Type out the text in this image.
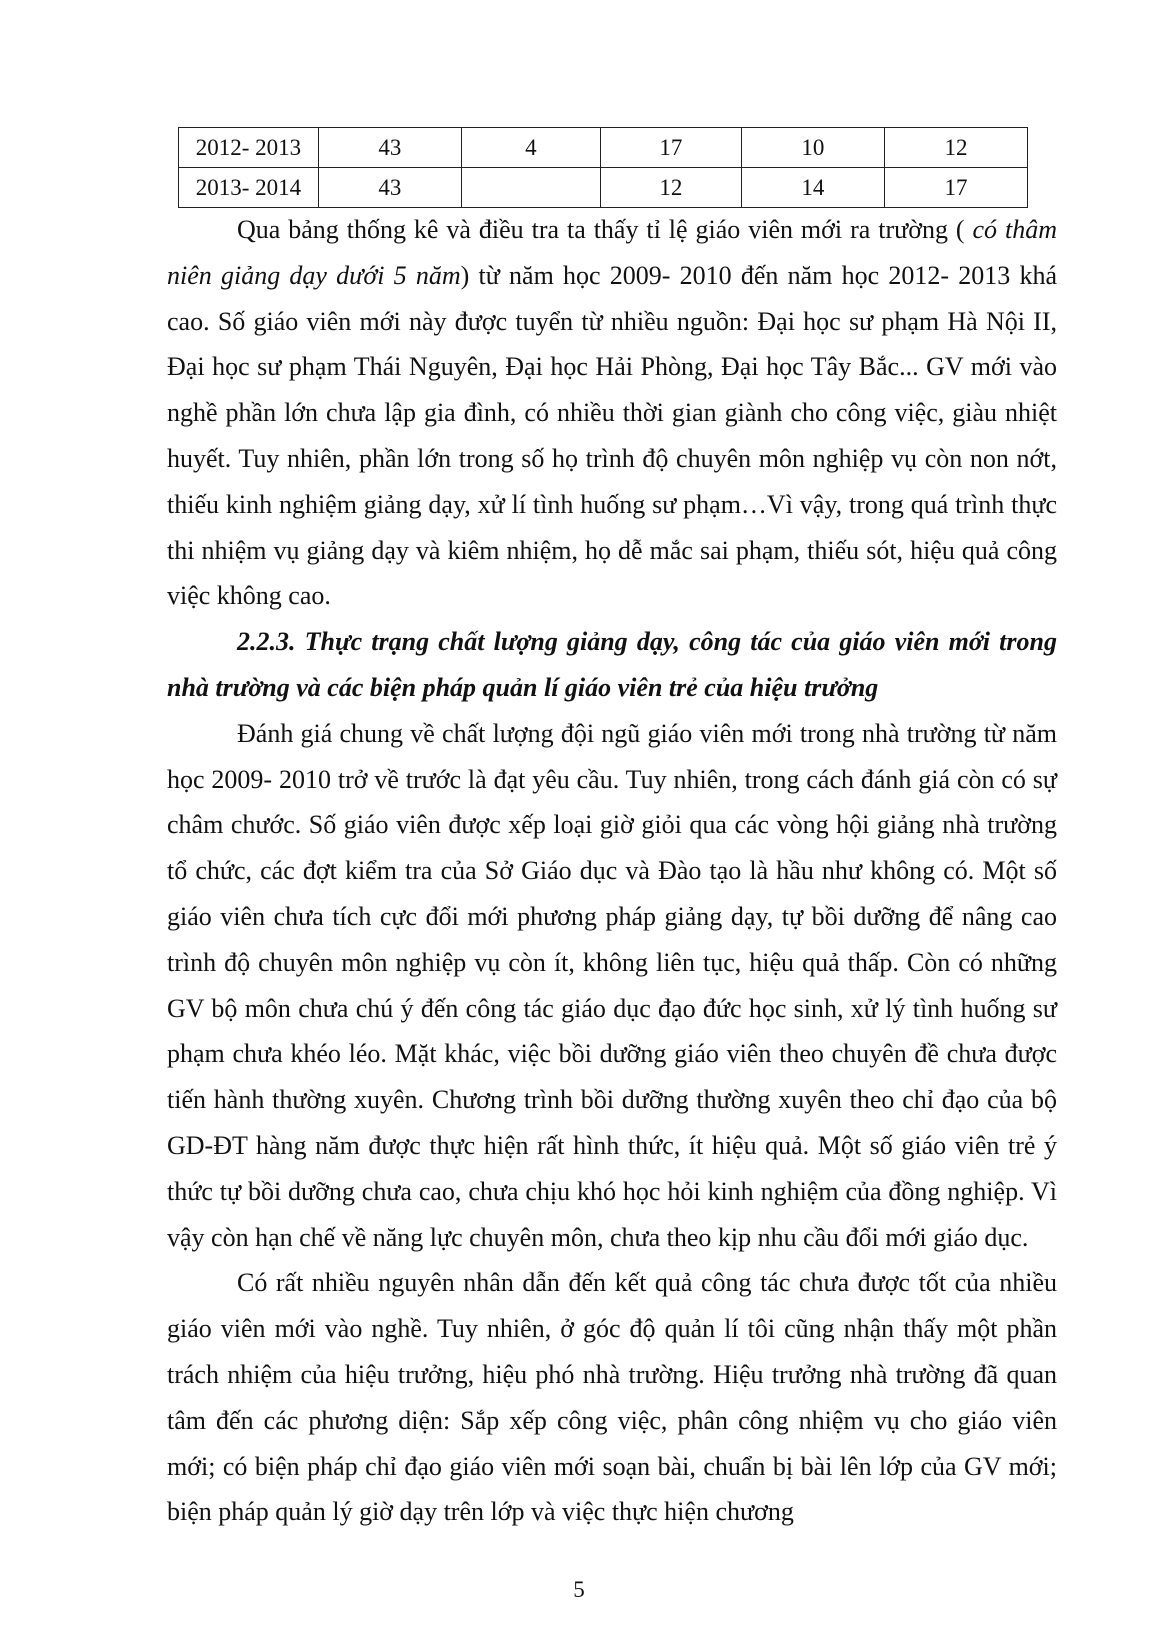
2012- 2013	43	4	17	10	12
2013- 2014	43		12	14	17

Qua bảng thống kê và điều tra ta thấy tỉ lệ giáo viên mới ra trường ( có thâm niên giảng dạy dưới 5 năm) từ năm học 2009- 2010 đến năm học 2012- 2013 khá cao. Số giáo viên mới này được tuyển từ nhiều nguồn: Đại học sư phạm Hà Nội II, Đại học sư phạm Thái Nguyên, Đại học Hải Phòng, Đại học Tây Bắc... GV mới vào nghề phần lớn chưa lập gia đình, có nhiều thời gian giành cho công việc, giàu nhiệt huyết. Tuy nhiên, phần lớn trong số họ trình độ chuyên môn nghiệp vụ còn non nớt, thiếu kinh nghiệm giảng dạy, xử lí tình huống sư phạm…Vì vậy, trong quá trình thực thi nhiệm vụ giảng dạy và kiêm nhiệm, họ dễ mắc sai phạm, thiếu sót, hiệu quả công việc không cao.

2.2.3. Thực trạng chất lượng giảng dạy, công tác của giáo viên mới trong nhà trường và các biện pháp quản lí giáo viên trẻ của hiệu trưởng

Đánh giá chung về chất lượng đội ngũ giáo viên mới trong nhà trường từ năm học 2009- 2010 trở về trước là đạt yêu cầu. Tuy nhiên, trong cách đánh giá còn có sự châm chước. Số giáo viên được xếp loại giờ giỏi qua các vòng hội giảng nhà trường tổ chức, các đợt kiểm tra của Sở Giáo dục và Đào tạo là hầu như không có. Một số giáo viên chưa tích cực đổi mới phương pháp giảng dạy, tự bồi dưỡng để nâng cao trình độ chuyên môn nghiệp vụ còn ít, không liên tục, hiệu quả thấp. Còn có những GV bộ môn chưa chú ý đến công tác giáo dục đạo đức học sinh, xử lý tình huống sư phạm chưa khéo léo. Mặt khác, việc bồi dưỡng giáo viên theo chuyên đề chưa được tiến hành thường xuyên. Chương trình bồi dưỡng thường xuyên theo chỉ đạo của bộ GD-ĐT hàng năm được thực hiện rất hình thức, ít hiệu quả. Một số giáo viên trẻ ý thức tự bồi dưỡng chưa cao, chưa chịu khó học hỏi kinh nghiệm của đồng nghiệp. Vì vậy còn hạn chế về năng lực chuyên môn, chưa theo kịp nhu cầu đổi mới giáo dục.

Có rất nhiều nguyên nhân dẫn đến kết quả công tác chưa được tốt của nhiều giáo viên mới vào nghề. Tuy nhiên, ở góc độ quản lí tôi cũng nhận thấy một phần trách nhiệm của hiệu trưởng, hiệu phó nhà trường. Hiệu trưởng nhà trường đã quan tâm đến các phương diện: Sắp xếp công việc, phân công nhiệm vụ cho giáo viên mới; có biện pháp chỉ đạo giáo viên mới soạn bài, chuẩn bị bài lên lớp của GV mới; biện pháp quản lý giờ dạy trên lớp và việc thực hiện chương

5
